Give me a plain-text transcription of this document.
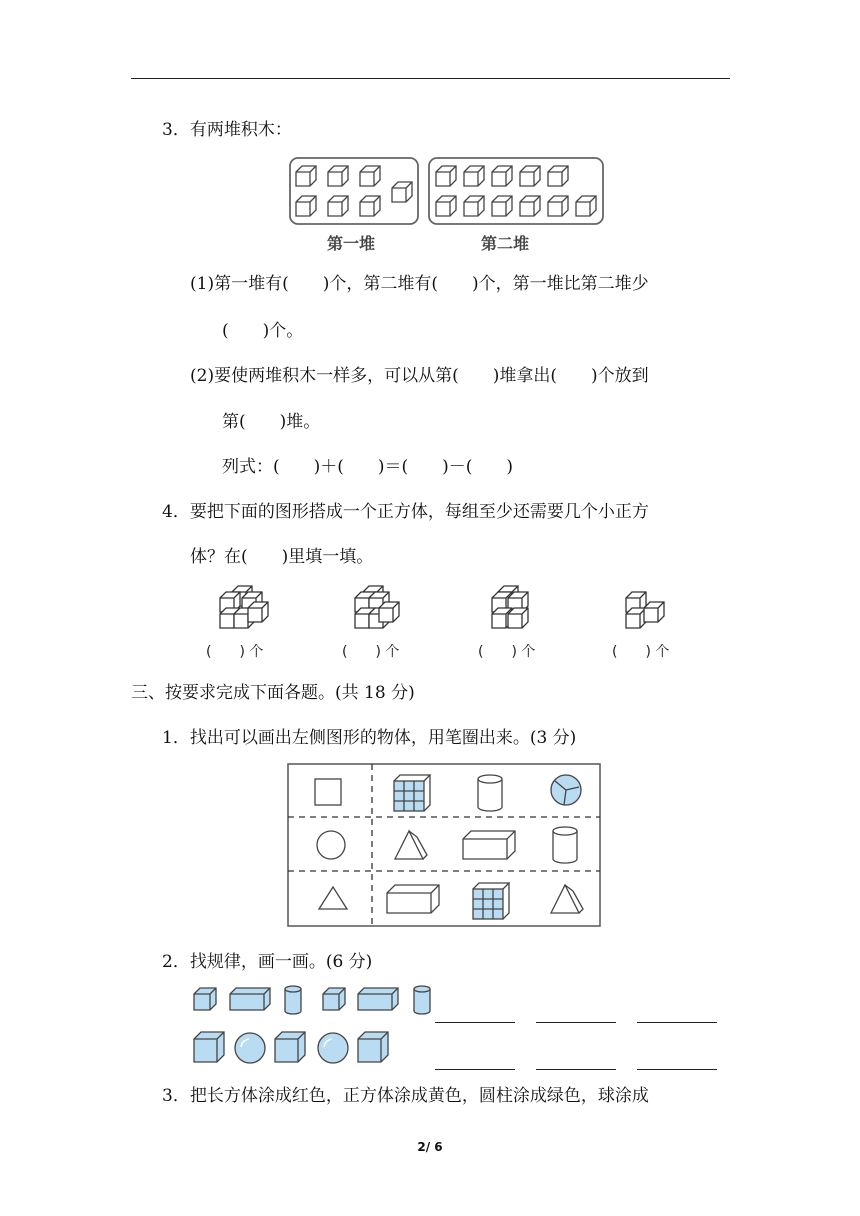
3．有两堆积木：
第一堆	第二堆
(1)第一堆有(　　)个，第二堆有(　　)个，第一堆比第二堆少
(　　)个。
(2)要使两堆积木一样多，可以从第(　　)堆拿出(　　)个放到
第(　　)堆。
列式：(　　)＋(　　)＝(　　)－(　　)
4．要把下面的图形搭成一个正方体，每组至少还需要几个小正方
体？在(　　)里填一填。
(　　) 个	(　　) 个	(　　) 个	(　　) 个
三、按要求完成下面各题。(共 18 分)
1．找出可以画出左侧图形的物体，用笔圈出来。(3 分)
2．找规律，画一画。(6 分)
3．把长方体涂成红色，正方体涂成黄色，圆柱涂成绿色，球涂成
2/ 6
